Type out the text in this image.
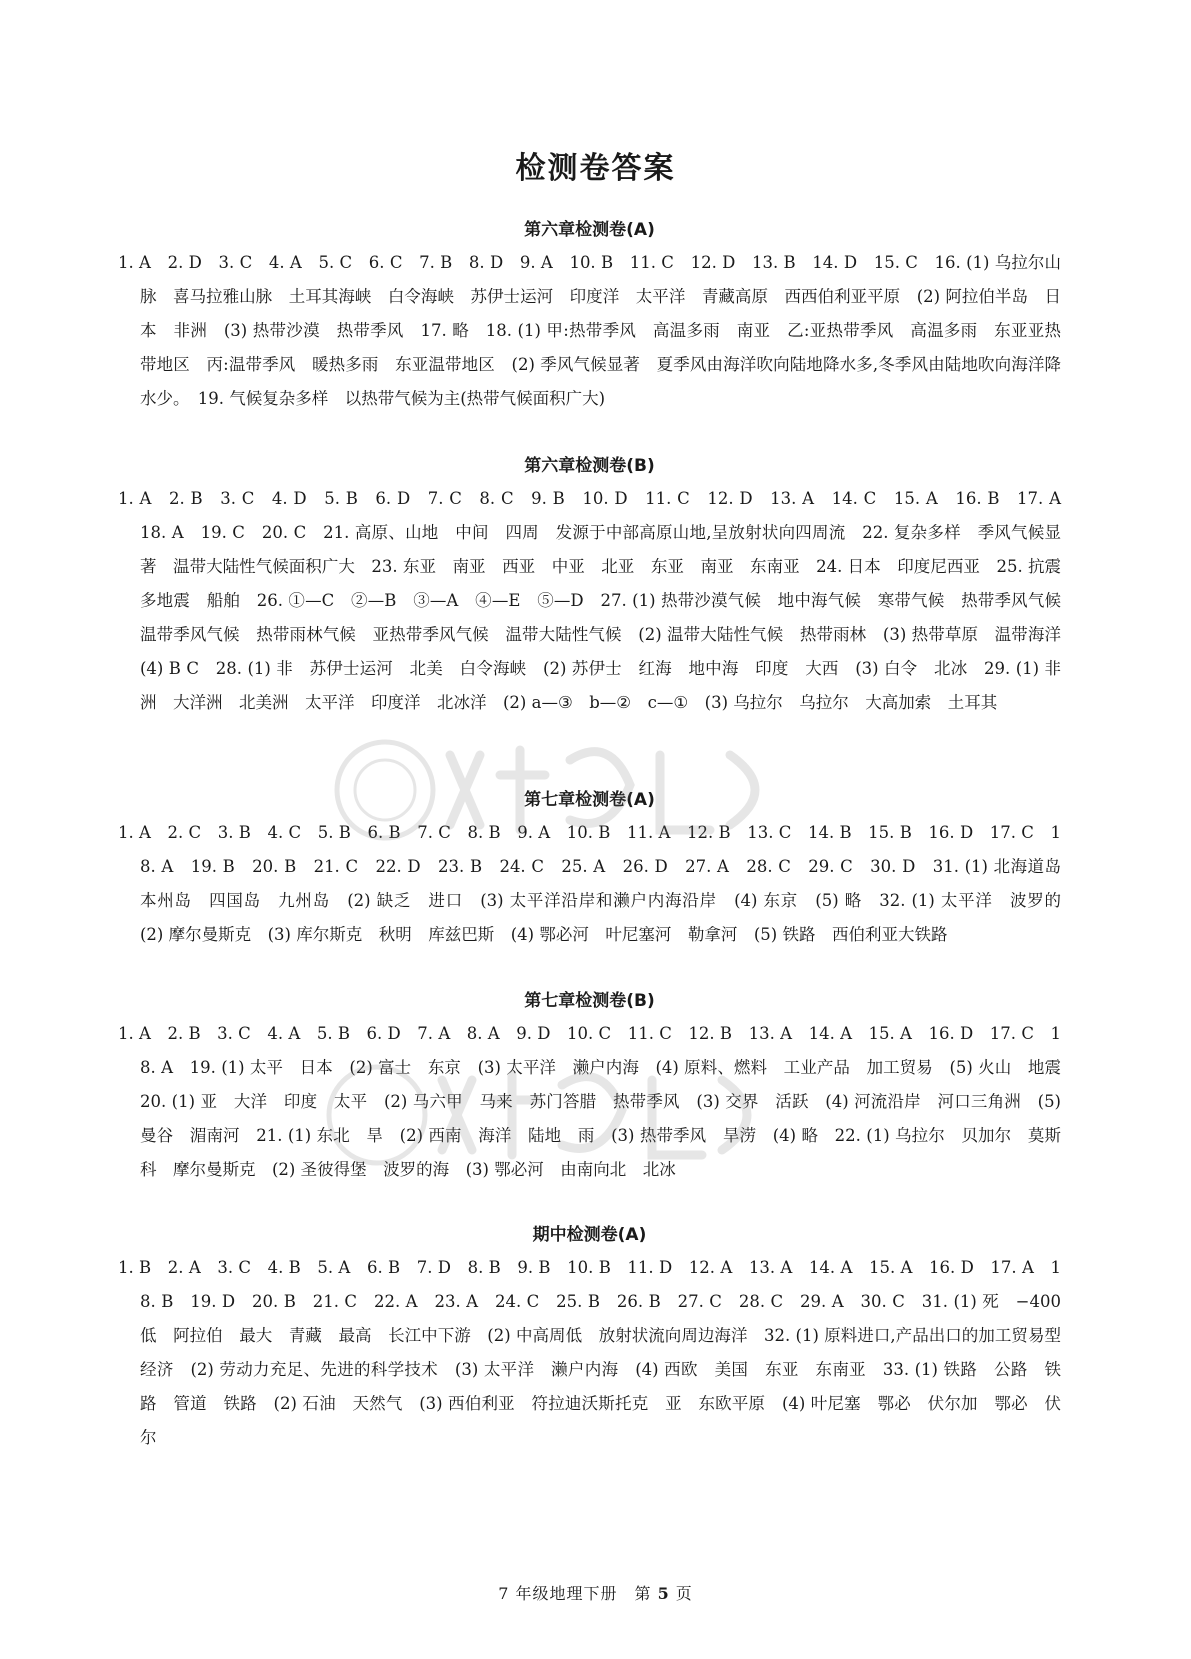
检测卷答案
第六章检测卷(A)
1. A　2. D　3. C　4. A　5. C　6. C　7. B　8. D　9. A　10. B　11. C　12. D　13. B　14. D　15. C　16. (1) 乌拉尔山脉　喜马拉雅山脉　土耳其海峡　白令海峡　苏伊士运河　印度洋　太平洋　青藏高原　西西伯利亚平原　(2) 阿拉伯半岛　日本　非洲　(3) 热带沙漠　热带季风　17. 略　18. (1) 甲:热带季风　高温多雨　南亚　乙:亚热带季风　高温多雨　东亚亚热带地区　丙:温带季风　暖热多雨　东亚温带地区　(2) 季风气候显著　夏季风由海洋吹向陆地降水多,冬季风由陆地吹向海洋降水少。　19. 气候复杂多样　以热带气候为主(热带气候面积广大)
第六章检测卷(B)
1. A　2. B　3. C　4. D　5. B　6. D　7. C　8. C　9. B　10. D　11. C　12. D　13. A　14. C　15. A　16. B　17. A　18. A　19. C　20. C　21. 高原、山地　中间　四周　发源于中部高原山地,呈放射状向四周流　22. 复杂多样　季风气候显著　温带大陆性气候面积广大　23. 东亚　南亚　西亚　中亚　北亚　东亚　南亚　东南亚　24. 日本　印度尼西亚　25. 抗震　多地震　船舶　26. ①—C　②—B　③—A　④—E　⑤—D　27. (1) 热带沙漠气候　地中海气候　寒带气候　热带季风气候　温带季风气候　热带雨林气候　亚热带季风气候　温带大陆性气候　(2) 温带大陆性气候　热带雨林　(3) 热带草原　温带海洋　(4) B C　28. (1) 非　苏伊士运河　北美　白令海峡　(2) 苏伊士　红海　地中海　印度　大西　(3) 白令　北冰　29. (1) 非洲　大洋洲　北美洲　太平洋　印度洋　北冰洋　(2) a—③　b—②　c—①　(3) 乌拉尔　乌拉尔　大高加索　土耳其
第七章检测卷(A)
1. A　2. C　3. B　4. C　5. B　6. B　7. C　8. B　9. A　10. B　11. A　12. B　13. C　14. B　15. B　16. D　17. C　18. A　19. B　20. B　21. C　22. D　23. B　24. C　25. A　26. D　27. A　28. C　29. C　30. D　31. (1) 北海道岛　本州岛　四国岛　九州岛　(2) 缺乏　进口　(3) 太平洋沿岸和濑户内海沿岸　(4) 东京　(5) 略　32. (1) 太平洋　波罗的　(2) 摩尔曼斯克　(3) 库尔斯克　秋明　库兹巴斯　(4) 鄂必河　叶尼塞河　勒拿河　(5) 铁路　西伯利亚大铁路
第七章检测卷(B)
1. A　2. B　3. C　4. A　5. B　6. D　7. A　8. A　9. D　10. C　11. C　12. B　13. A　14. A　15. A　16. D　17. C　18. A　19. (1) 太平　日本　(2) 富士　东京　(3) 太平洋　濑户内海　(4) 原料、燃料　工业产品　加工贸易　(5) 火山　地震　20. (1) 亚　大洋　印度　太平　(2) 马六甲　马来　苏门答腊　热带季风　(3) 交界　活跃　(4) 河流沿岸　河口三角洲　(5) 曼谷　湄南河　21. (1) 东北　旱　(2) 西南　海洋　陆地　雨　(3) 热带季风　旱涝　(4) 略　22. (1) 乌拉尔　贝加尔　莫斯科　摩尔曼斯克　(2) 圣彼得堡　波罗的海　(3) 鄂必河　由南向北　北冰
期中检测卷(A)
1. B　2. A　3. C　4. B　5. A　6. B　7. D　8. B　9. B　10. B　11. D　12. A　13. A　14. A　15. A　16. D　17. A　18. B　19. D　20. B　21. C　22. A　23. A　24. C　25. B　26. B　27. C　28. C　29. A　30. C　31. (1) 死　−400　低　阿拉伯　最大　青藏　最高　长江中下游　(2) 中高周低　放射状流向周边海洋　32. (1) 原料进口,产品出口的加工贸易型经济　(2) 劳动力充足、先进的科学技术　(3) 太平洋　濑户内海　(4) 西欧　美国　东亚　东南亚　33. (1) 铁路　公路　铁路　管道　铁路　(2) 石油　天然气　(3) 西伯利亚　符拉迪沃斯托克　亚　东欧平原　(4) 叶尼塞　鄂必　伏尔加　鄂必　伏尔
7 年级地理下册　第 5 页
